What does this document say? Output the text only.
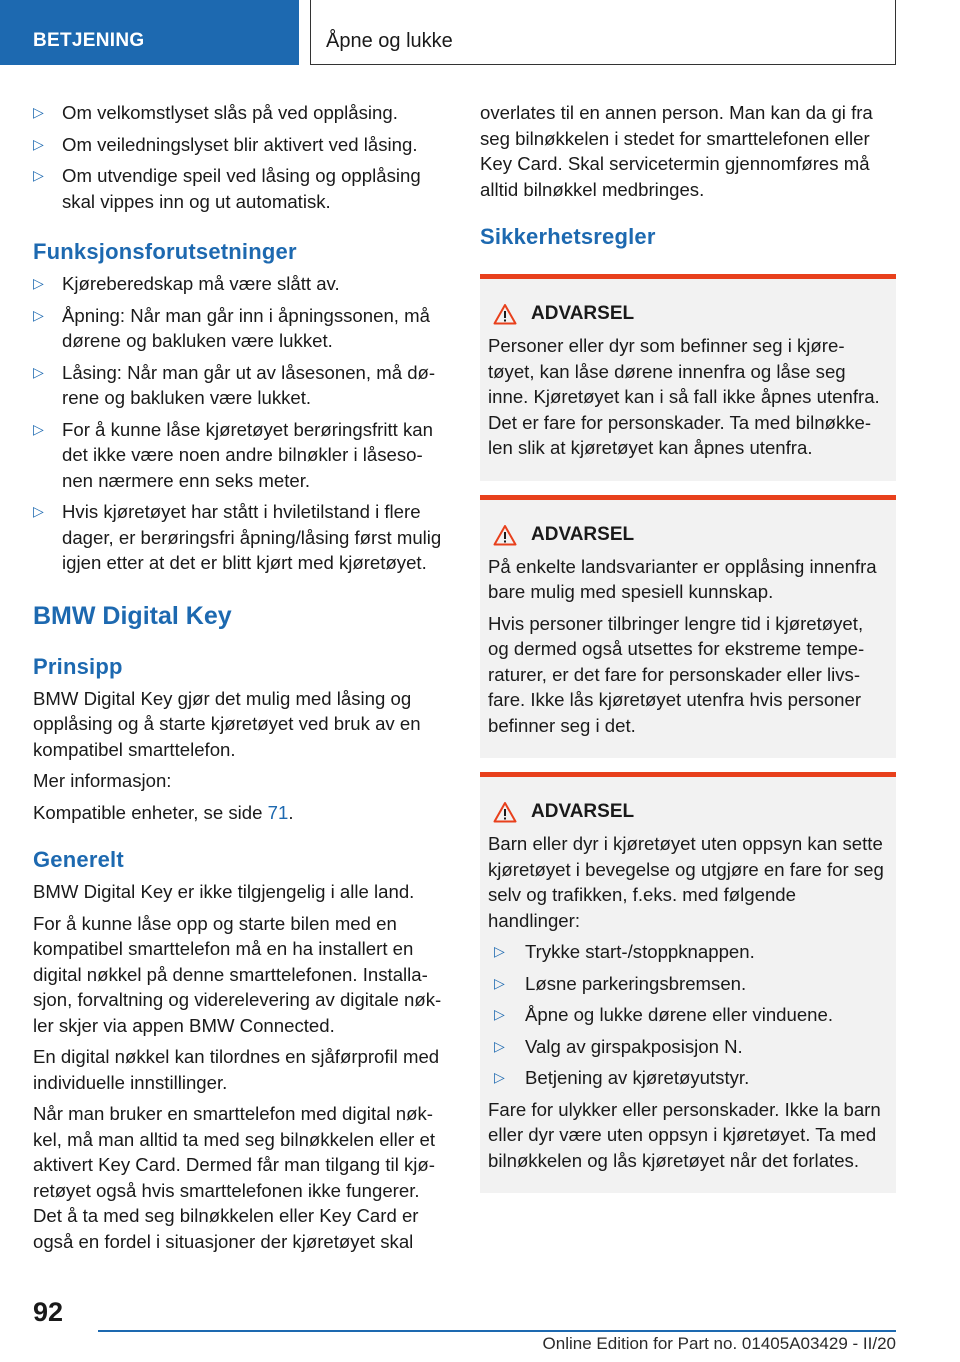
BETJENING	Åpne og lukke
▷ Om velkomstlyset slås på ved opplåsing.
▷ Om veiledningslyset blir aktivert ved låsing.
▷ Om utvendige speil ved låsing og opplåsing skal vippes inn og ut automatisk.
Funksjonsforutsetninger
▷ Kjøreberedskap må være slått av.
▷ Åpning: Når man går inn i åpningssonen, må dørene og bakluken være lukket.
▷ Låsing: Når man går ut av låsesonen, må dø-rene og bakluken være lukket.
▷ For å kunne låse kjøretøyet berøringsfritt kan det ikke være noen andre bilnøkler i låseso-nen nærmere enn seks meter.
▷ Hvis kjøretøyet har stått i hviletilstand i flere dager, er berøringsfri åpning/låsing først mulig igjen etter at det er blitt kjørt med kjøretøyet.
BMW Digital Key
Prinsipp

BMW Digital Key gjør det mulig med låsing og opplåsing og å starte kjøretøyet ved bruk av en kompatibel smarttelefon.

Mer informasjon:

Kompatible enheter, se side 71.

Generelt

BMW Digital Key er ikke tilgjengelig i alle land.

For å kunne låse opp og starte bilen med en kompatibel smarttelefon må en ha installert en digital nøkkel på denne smarttelefonen. Installa-sjon, forvaltning og viderelevering av digitale nøk-ler skjer via appen BMW Connected.

En digital nøkkel kan tilordnes en sjåførprofil med individuelle innstillinger.

Når man bruker en smarttelefon med digital nøk-kel, må man alltid ta med seg bilnøkkelen eller et aktivert Key Card. Dermed får man tilgang til kjø-retøyet også hvis smarttelefonen ikke fungerer. Det å ta med seg bilnøkkelen eller Key Card er også en fordel i situasjoner der kjøretøyet skal

overlates til en annen person. Man kan da gi fra seg bilnøkkelen i stedet for smarttelefonen eller Key Card. Skal servicetermin gjennomføres må alltid bilnøkkel medbringes.

Sikkerhetsregler
ADVARSEL

Personer eller dyr som befinner seg i kjøre-tøyet, kan låse dørene innenfra og låse seg inne. Kjøretøyet kan i så fall ikke åpnes utenfra. Det er fare for personskader. Ta med bilnøkke-len slik at kjøretøyet kan åpnes utenfra.

ADVARSEL

På enkelte landsvarianter er opplåsing innenfra bare mulig med spesiell kunnskap.

Hvis personer tilbringer lengre tid i kjøretøyet, og dermed også utsettes for ekstreme tempe-raturer, er det fare for personskader eller livs-fare. Ikke lås kjøretøyet utenfra hvis personer befinner seg i det.

ADVARSEL

Barn eller dyr i kjøretøyet uten oppsyn kan sette kjøretøyet i bevegelse og utgjøre en fare for seg selv og trafikken, f.eks. med følgende handlinger:

▷ Trykke start-/stoppknappen.
▷ Løsne parkeringsbremsen.
▷ Åpne og lukke dørene eller vinduene.
▷ Valg av girspakposisjon N.
▷ Betjening av kjøretøyutstyr.

Fare for ulykker eller personskader. Ikke la barn eller dyr være uten oppsyn i kjøretøyet. Ta med bilnøkkelen og lås kjøretøyet når det forlates.

92
Online Edition for Part no. 01405A03429 - II/20
